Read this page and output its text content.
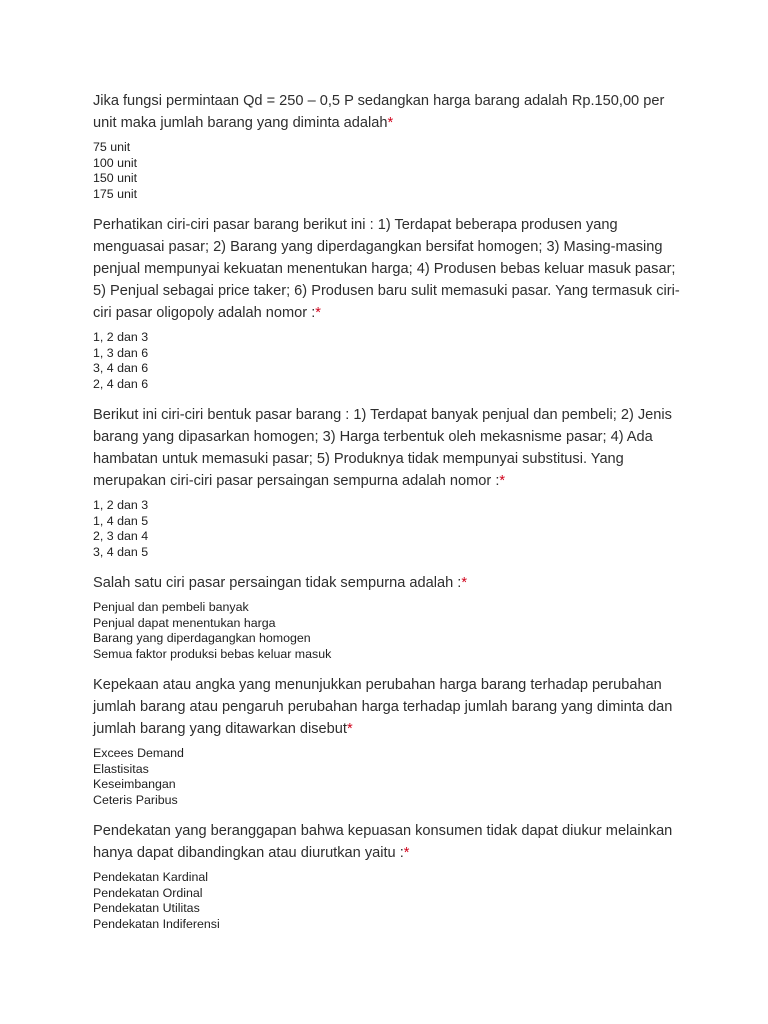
Jika fungsi permintaan Qd = 250 – 0,5 P sedangkan harga barang adalah Rp.150,00 per unit maka jumlah barang yang diminta adalah*

75 unit
100 unit
150 unit
175 unit

Perhatikan ciri-ciri pasar barang berikut ini : 1) Terdapat beberapa produsen yang menguasai pasar; 2) Barang yang diperdagangkan bersifat homogen; 3) Masing-masing penjual mempunyai kekuatan menentukan harga; 4) Produsen bebas keluar masuk pasar; 5) Penjual sebagai price taker; 6) Produsen baru sulit memasuki pasar. Yang termasuk ciri-ciri pasar oligopoly adalah nomor :*

1, 2 dan 3
1, 3 dan 6
3, 4 dan 6
2, 4 dan 6

Berikut ini ciri-ciri bentuk pasar barang : 1) Terdapat banyak penjual dan pembeli; 2) Jenis barang yang dipasarkan homogen; 3) Harga terbentuk oleh mekasnisme pasar; 4) Ada hambatan untuk memasuki pasar; 5) Produknya tidak mempunyai substitusi. Yang merupakan ciri-ciri pasar persaingan sempurna adalah nomor :*

1, 2 dan 3
1, 4 dan 5
2, 3 dan 4
3, 4 dan 5

Salah satu ciri pasar persaingan tidak sempurna adalah :*

Penjual dan pembeli banyak
Penjual dapat menentukan harga
Barang yang diperdagangkan homogen
Semua faktor produksi bebas keluar masuk

Kepekaan atau angka yang menunjukkan perubahan harga barang terhadap perubahan jumlah barang atau pengaruh perubahan harga terhadap jumlah barang yang diminta dan jumlah barang yang ditawarkan disebut*

Excees Demand
Elastisitas
Keseimbangan
Ceteris Paribus

Pendekatan yang beranggapan bahwa kepuasan konsumen tidak dapat diukur melainkan hanya dapat dibandingkan atau diurutkan yaitu :*

Pendekatan Kardinal
Pendekatan Ordinal
Pendekatan Utilitas
Pendekatan Indiferensi
